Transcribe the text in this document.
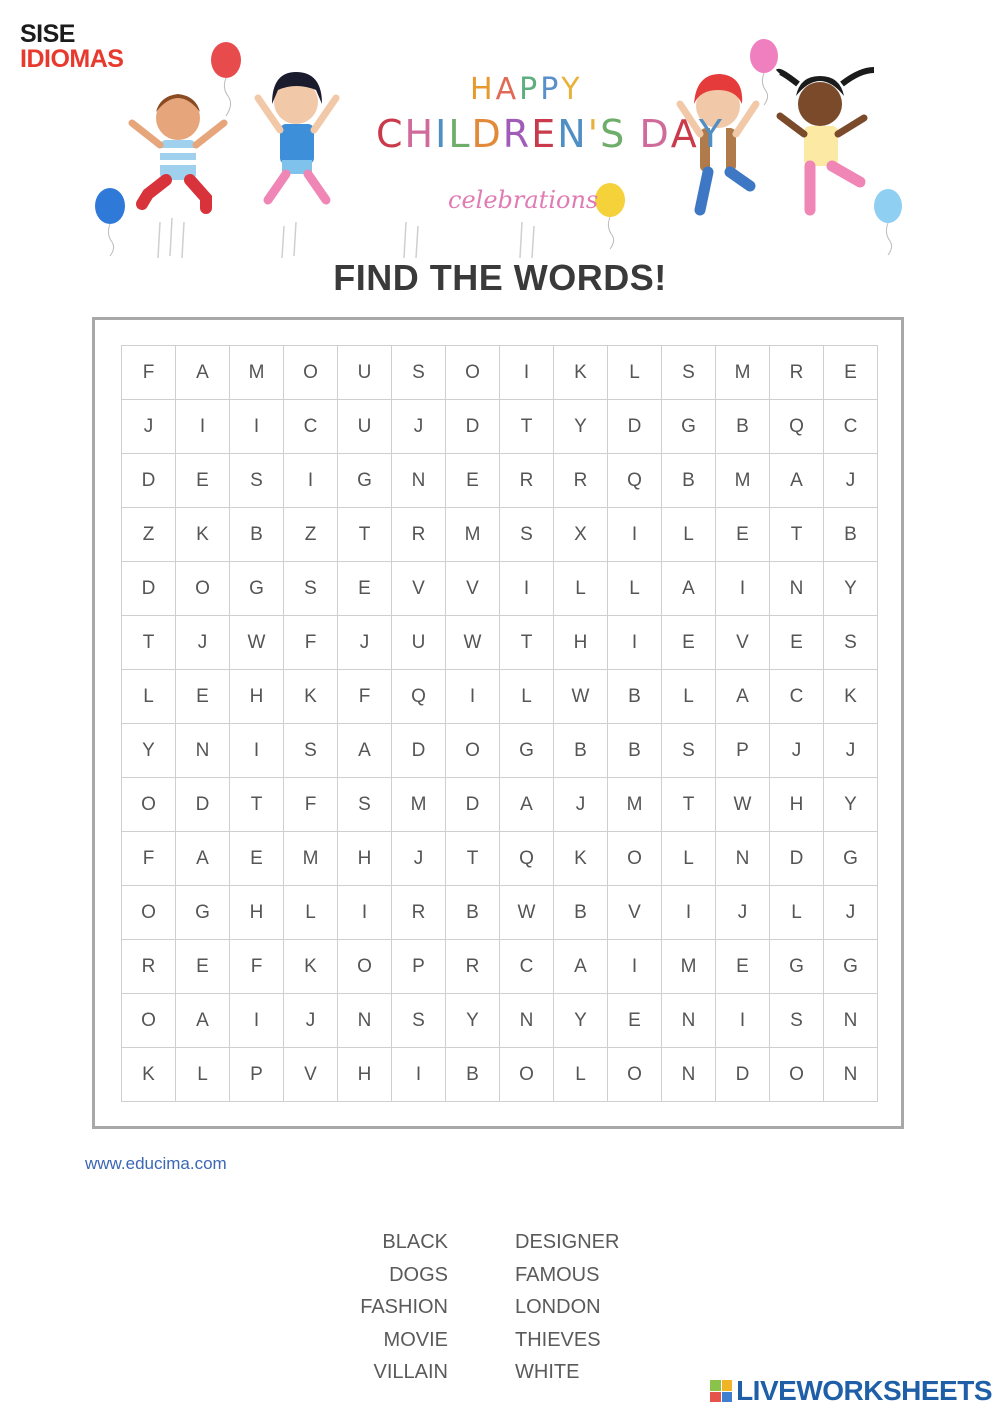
SISE
IDIOMAS
HAPPY
CHILDREN'S DAY
celebrations
FIND THE WORDS!
F	A	M	O	U	S	O	I	K	L	S	M	R	E
J	I	I	C	U	J	D	T	Y	D	G	B	Q	C
D	E	S	I	G	N	E	R	R	Q	B	M	A	J
Z	K	B	Z	T	R	M	S	X	I	L	E	T	B
D	O	G	S	E	V	V	I	L	L	A	I	N	Y
T	J	W	F	J	U	W	T	H	I	E	V	E	S
L	E	H	K	F	Q	I	L	W	B	L	A	C	K
Y	N	I	S	A	D	O	G	B	B	S	P	J	J
O	D	T	F	S	M	D	A	J	M	T	W	H	Y
F	A	E	M	H	J	T	Q	K	O	L	N	D	G
O	G	H	L	I	R	B	W	B	V	I	J	L	J
R	E	F	K	O	P	R	C	A	I	M	E	G	G
O	A	I	J	N	S	Y	N	Y	E	N	I	S	N
K	L	P	V	H	I	B	O	L	O	N	D	O	N
www.educima.com
BLACK
DOGS
FASHION
MOVIE
VILLAIN
DESIGNER
FAMOUS
LONDON
THIEVES
WHITE
LIVEWORKSHEETS
